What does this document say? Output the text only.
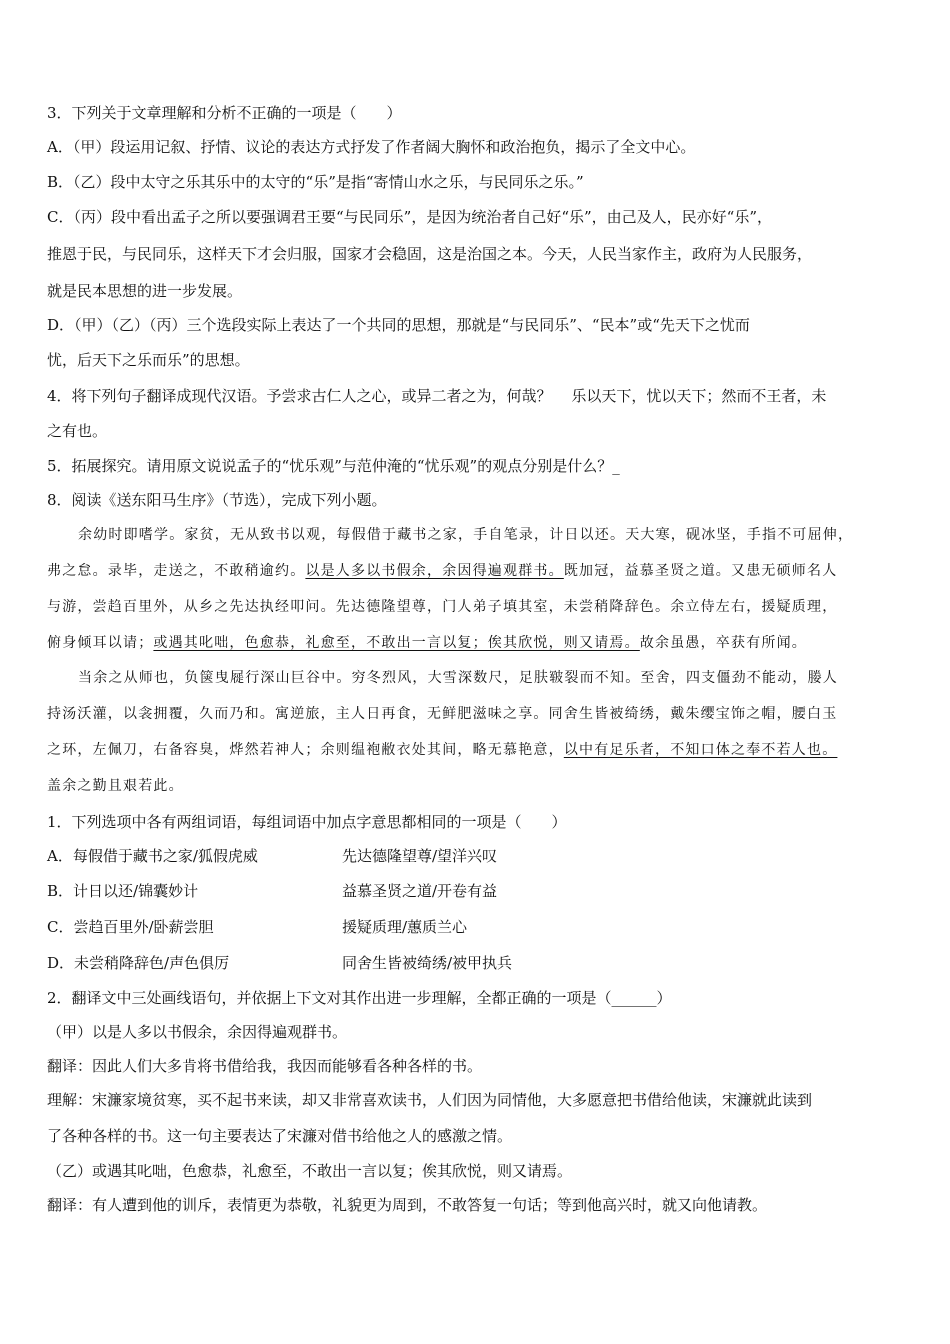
3．下列关于文章理解和分析不正确的一项是（　　）
A．（甲）段运用记叙、抒情、议论的表达方式抒发了作者阔大胸怀和政治抱负，揭示了全文中心。
B．（乙）段中太守之乐其乐中的太守的“乐”是指“寄情山水之乐，与民同乐之乐。”
C．（丙）段中看出孟子之所以要强调君王要“与民同乐”，是因为统治者自己好“乐”，由己及人，民亦好“乐”，
推恩于民，与民同乐，这样天下才会归服，国家才会稳固，这是治国之本。今天，人民当家作主，政府为人民服务，
就是民本思想的进一步发展。
D．（甲）（乙）（丙）三个选段实际上表达了一个共同的思想，那就是“与民同乐”、“民本”或“先天下之忧而
忧，后天下之乐而乐”的思想。
4．将下列句子翻译成现代汉语。予尝求古仁人之心，或异二者之为，何哉？　 乐以天下，忧以天下；然而不王者，未
之有也。
5．拓展探究。请用原文说说孟子的“忧乐观”与范仲淹的“忧乐观”的观点分别是什么？_
8．阅读《送东阳马生序》（节选），完成下列小题。
余幼时即嗜学。家贫，无从致书以观，每假借于藏书之家，手自笔录，计日以还。天大寒，砚冰坚，手指不可屈伸，
弗之怠。录毕，走送之，不敢稍逾约。以是人多以书假余，余因得遍观群书。既加冠，益慕圣贤之道。又患无硕师名人
与游，尝趋百里外，从乡之先达执经叩问。先达德隆望尊，门人弟子填其室，未尝稍降辞色。余立侍左右，援疑质理，
俯身倾耳以请；或遇其叱咄，色愈恭，礼愈至，不敢出一言以复；俟其欣悦，则又请焉。故余虽愚，卒获有所闻。
当余之从师也，负箧曳屣行深山巨谷中。穷冬烈风，大雪深数尺，足肤皲裂而不知。至舍，四支僵劲不能动，媵人
持汤沃灌，以衾拥覆，久而乃和。寓逆旅，主人日再食，无鲜肥滋味之享。同舍生皆被绮绣，戴朱缨宝饰之帽，腰白玉
之环，左佩刀，右备容臭，烨然若神人；余则缊袍敝衣处其间，略无慕艳意，以中有足乐者，不知口体之奉不若人也。
盖余之勤且艰若此。
1．下列选项中各有两组词语，每组词语中加点字意思都相同的一项是（　　）
A．每假借于藏书之家/狐假虎威	先达德隆望尊/望洋兴叹
B．计日以还/锦囊妙计	益慕圣贤之道/开卷有益
C．尝趋百里外/卧薪尝胆	援疑质理/蕙质兰心
D．未尝稍降辞色/声色俱厉	同舍生皆被绮绣/被甲执兵
2．翻译文中三处画线语句，并依据上下文对其作出进一步理解，全都正确的一项是（______）
（甲）以是人多以书假余，余因得遍观群书。
翻译：因此人们大多肯将书借给我，我因而能够看各种各样的书。
理解：宋濂家境贫寒，买不起书来读，却又非常喜欢读书，人们因为同情他，大多愿意把书借给他读，宋濂就此读到
了各种各样的书。这一句主要表达了宋濂对借书给他之人的感激之情。
（乙）或遇其叱咄，色愈恭，礼愈至，不敢出一言以复；俟其欣悦，则又请焉。
翻译：有人遭到他的训斥，表情更为恭敬，礼貌更为周到，不敢答复一句话；等到他高兴时，就又向他请教。
